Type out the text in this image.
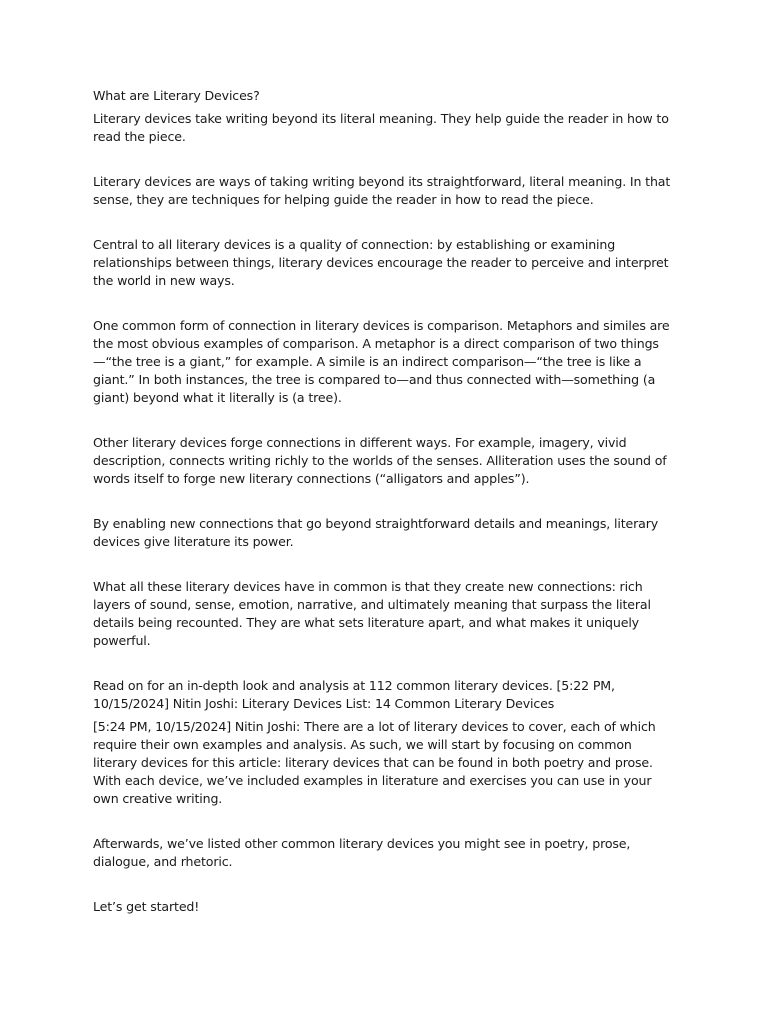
What are Literary Devices?

Literary devices take writing beyond its literal meaning. They help guide the reader in how to read the piece.

Literary devices are ways of taking writing beyond its straightforward, literal meaning. In that sense, they are techniques for helping guide the reader in how to read the piece.

Central to all literary devices is a quality of connection: by establishing or examining relationships between things, literary devices encourage the reader to perceive and interpret the world in new ways.

One common form of connection in literary devices is comparison. Metaphors and similes are the most obvious examples of comparison. A metaphor is a direct comparison of two things—“the tree is a giant,” for example. A simile is an indirect comparison—“the tree is like a giant.” In both instances, the tree is compared to—and thus connected with—something (a giant) beyond what it literally is (a tree).

Other literary devices forge connections in different ways. For example, imagery, vivid description, connects writing richly to the worlds of the senses. Alliteration uses the sound of words itself to forge new literary connections (“alligators and apples”).

By enabling new connections that go beyond straightforward details and meanings, literary devices give literature its power.

What all these literary devices have in common is that they create new connections: rich layers of sound, sense, emotion, narrative, and ultimately meaning that surpass the literal details being recounted. They are what sets literature apart, and what makes it uniquely powerful.

Read on for an in-depth look and analysis at 112 common literary devices. [5:22 PM, 10/15/2024] Nitin Joshi: Literary Devices List: 14 Common Literary Devices

[5:24 PM, 10/15/2024] Nitin Joshi: There are a lot of literary devices to cover, each of which require their own examples and analysis. As such, we will start by focusing on common literary devices for this article: literary devices that can be found in both poetry and prose. With each device, we’ve included examples in literature and exercises you can use in your own creative writing.

Afterwards, we’ve listed other common literary devices you might see in poetry, prose, dialogue, and rhetoric.

Let’s get started!
